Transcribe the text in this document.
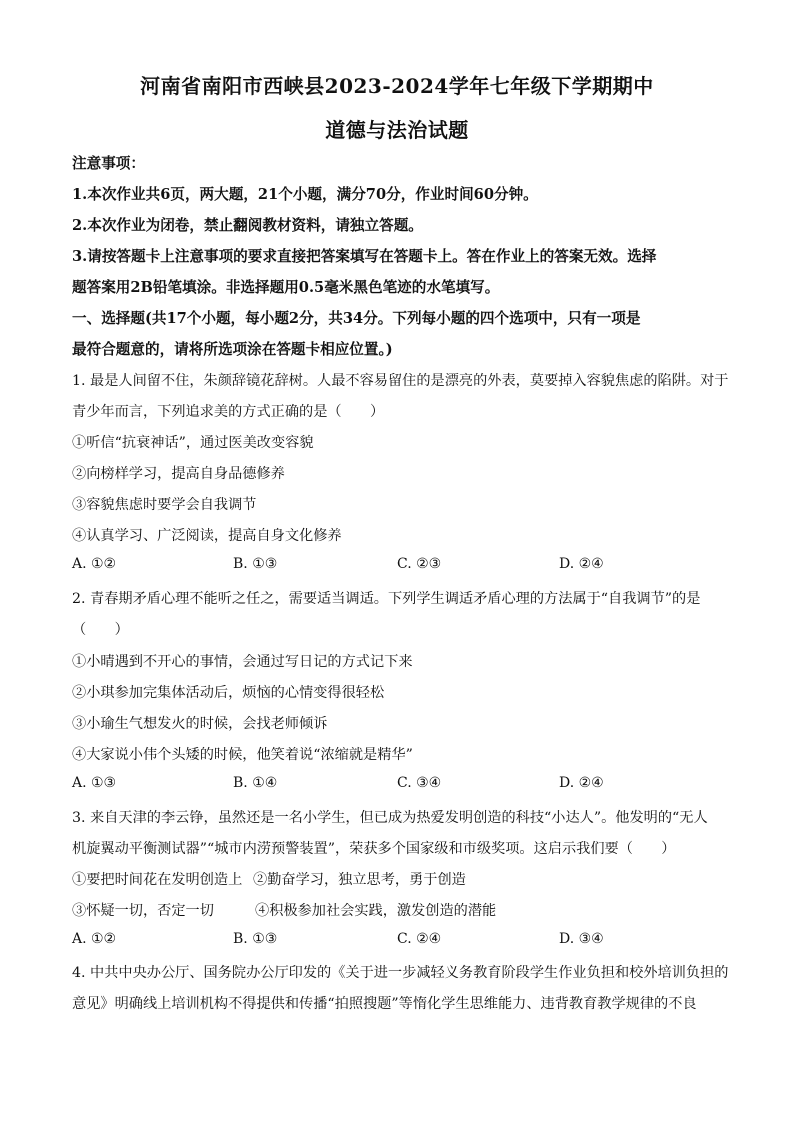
河南省南阳市西峡县2023-2024学年七年级下学期期中
道德与法治试题
注意事项：
1.本次作业共6页，两大题，21个小题，满分70分，作业时间60分钟。
2.本次作业为闭卷，禁止翻阅教材资料，请独立答题。
3.请按答题卡上注意事项的要求直接把答案填写在答题卡上。答在作业上的答案无效。选择
题答案用2B铅笔填涂。非选择题用0.5毫米黑色笔迹的水笔填写。
一、选择题(共17个小题，每小题2分，共34分。下列每小题的四个选项中，只有一项是
最符合题意的，请将所选项涂在答题卡相应位置。)
1. 最是人间留不住，朱颜辞镜花辞树。人最不容易留住的是漂亮的外表，莫要掉入容貌焦虑的陷阱。对于
青少年而言，下列追求美的方式正确的是（　　）
①听信“抗衰神话”，通过医美改变容貌
②向榜样学习，提高自身品德修养
③容貌焦虑时要学会自我调节
④认真学习、广泛阅读，提高自身文化修养
A. ①②	B. ①③	C. ②③	D. ②④
2. 青春期矛盾心理不能听之任之，需要适当调适。下列学生调适矛盾心理的方法属于“自我调节”的是
（　　）
①小晴遇到不开心的事情，会通过写日记的方式记下来
②小琪参加完集体活动后，烦恼的心情变得很轻松
③小瑜生气想发火的时候，会找老师倾诉
④大家说小伟个头矮的时候，他笑着说“浓缩就是精华”
A. ①③	B. ①④	C. ③④	D. ②④
3. 来自天津的李云铮，虽然还是一名小学生，但已成为热爱发明创造的科技“小达人”。他发明的“无人
机旋翼动平衡测试器”“城市内涝预警装置”，荣获多个国家级和市级奖项。这启示我们要（　　）
①要把时间花在发明创造上 ②勤奋学习，独立思考，勇于创造
③怀疑一切，否定一切	④积极参加社会实践，激发创造的潜能
A. ①②	B. ①③	C. ②④	D. ③④
4. 中共中央办公厅、国务院办公厅印发的《关于进一步减轻义务教育阶段学生作业负担和校外培训负担的
意见》明确线上培训机构不得提供和传播“拍照搜题”等惰化学生思维能力、违背教育教学规律的不良
